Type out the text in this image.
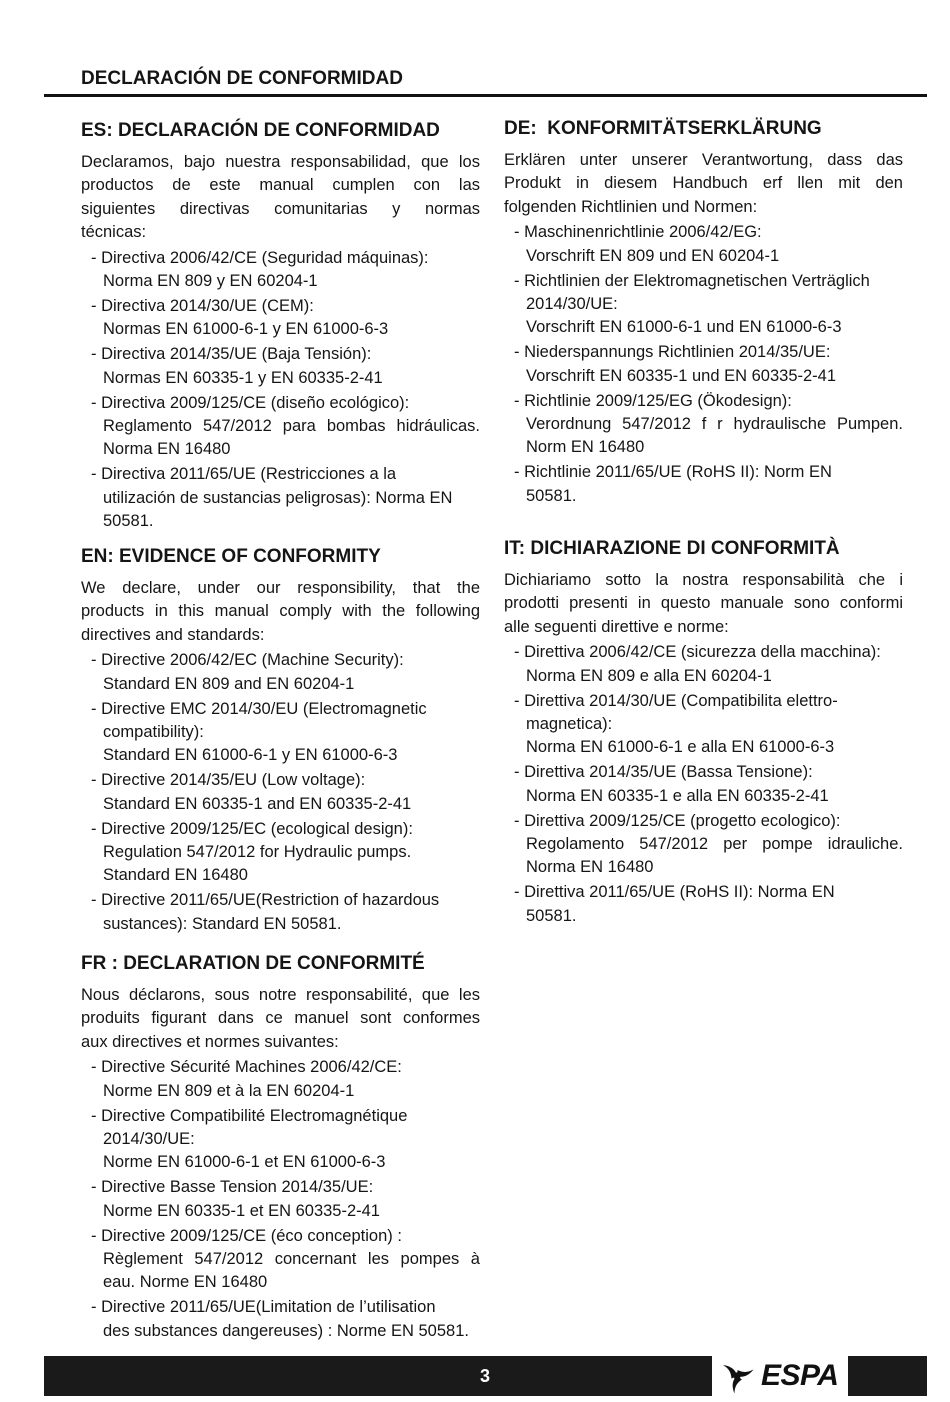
DECLARACIÓN DE CONFORMIDAD
ES: DECLARACIÓN DE CONFORMIDAD
Declaramos, bajo nuestra responsabilidad, que los
productos de este manual cumplen con las
siguientes directivas comunitarias y normas
técnicas:
- Directiva 2006/42/CE (Seguridad máquinas):
Norma EN 809 y EN 60204-1
- Directiva 2014/30/UE (CEM):
Normas EN 61000-6-1 y EN 61000-6-3
- Directiva 2014/35/UE (Baja Tensión):
Normas EN 60335-1 y EN 60335-2-41
- Directiva 2009/125/CE (diseño ecológico):
Reglamento 547/2012 para bombas hidráulicas.
Norma EN 16480
- Directiva 2011/65/UE (Restricciones a la
utilización de sustancias peligrosas): Norma EN
50581.
EN: EVIDENCE OF CONFORMITY
We declare, under our responsibility, that the
products in this manual comply with the following
directives and standards:
- Directive 2006/42/EC (Machine Security):
Standard EN 809 and EN 60204-1
- Directive EMC 2014/30/EU (Electromagnetic
compatibility):
Standard EN 61000-6-1 y EN 61000-6-3
- Directive 2014/35/EU (Low voltage):
Standard EN 60335-1 and EN 60335-2-41
- Directive 2009/125/EC (ecological design):
Regulation 547/2012 for Hydraulic pumps.
Standard EN 16480
- Directive 2011/65/UE(Restriction of hazardous
sustances): Standard EN 50581.
FR : DECLARATION DE CONFORMITÉ
Nous déclarons, sous notre responsabilité, que les
produits figurant dans ce manuel sont conformes
aux directives et normes suivantes:
- Directive Sécurité Machines 2006/42/CE:
Norme EN 809 et à la EN 60204-1
- Directive Compatibilité Electromagnétique
2014/30/UE:
Norme EN 61000-6-1 et EN 61000-6-3
- Directive Basse Tension 2014/35/UE:
Norme EN 60335-1 et EN 60335-2-41
- Directive 2009/125/CE (éco conception) :
Règlement 547/2012 concernant les pompes à
eau. Norme EN 16480
- Directive 2011/65/UE(Limitation de l’utilisation
des substances dangereuses) : Norme EN 50581.
DE:  KONFORMITÄTSERKLÄRUNG
Erklären unter unserer Verantwortung, dass das
Produkt in diesem Handbuch erf llen mit den
folgenden Richtlinien und Normen:
- Maschinenrichtlinie 2006/42/EG:
Vorschrift EN 809 und EN 60204-1
- Richtlinien der Elektromagnetischen Verträglich
2014/30/UE:
Vorschrift EN 61000-6-1 und EN 61000-6-3
- Niederspannungs Richtlinien 2014/35/UE:
Vorschrift EN 60335-1 und EN 60335-2-41
- Richtlinie 2009/125/EG (Ökodesign):
Verordnung 547/2012 f r hydraulische Pumpen.
Norm EN 16480
- Richtlinie 2011/65/UE (RoHS II): Norm EN
50581.
IT: DICHIARAZIONE DI CONFORMITÀ
Dichiariamo sotto la nostra responsabilità che i
prodotti presenti in questo manuale sono conformi
alle seguenti direttive e norme:
- Direttiva 2006/42/CE (sicurezza della macchina):
Norma EN 809 e alla EN 60204-1
- Direttiva 2014/30/UE (Compatibilita elettro-
magnetica):
Norma EN 61000-6-1 e alla EN 61000-6-3
- Direttiva 2014/35/UE (Bassa Tensione):
Norma EN 60335-1 e alla EN 60335-2-41
- Direttiva 2009/125/CE (progetto ecologico):
Regolamento 547/2012 per pompe idrauliche.
Norma EN 16480
- Direttiva 2011/65/UE (RoHS II): Norma EN
50581.
3	ESPA
